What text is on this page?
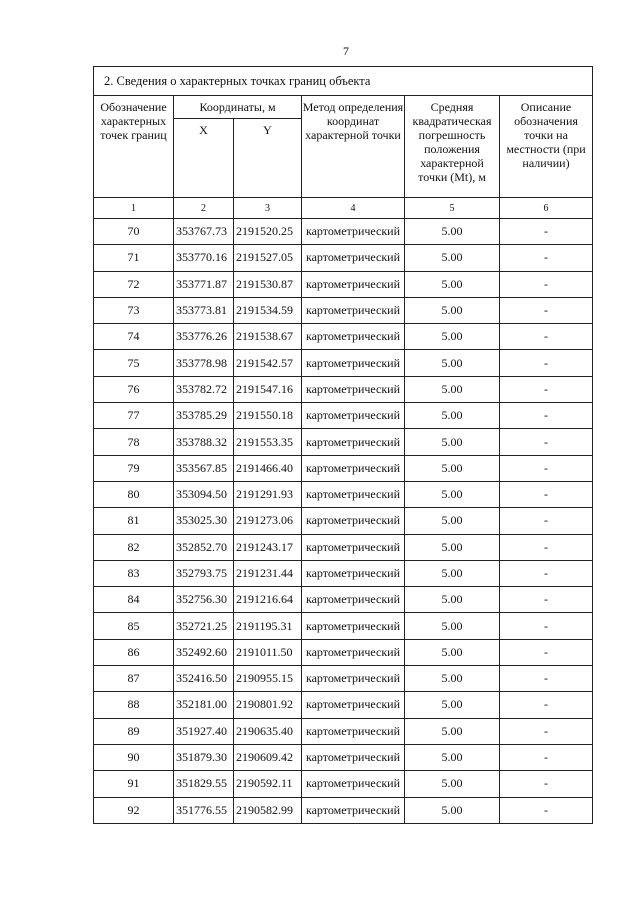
7
2. Сведения о характерных точках границ объекта					
Обозначение характерных точек границ	Координаты, м		Метод определения координат характерной точки	Средняя квадратическая погрешность положения характерной точки (Mt), м	Описание обозначения точки на местности (при наличии)
	X	Y			
1	2	3	4	5	6
70	353767.73	2191520.25	картометрический	5.00	-
71	353770.16	2191527.05	картометрический	5.00	-
72	353771.87	2191530.87	картометрический	5.00	-
73	353773.81	2191534.59	картометрический	5.00	-
74	353776.26	2191538.67	картометрический	5.00	-
75	353778.98	2191542.57	картометрический	5.00	-
76	353782.72	2191547.16	картометрический	5.00	-
77	353785.29	2191550.18	картометрический	5.00	-
78	353788.32	2191553.35	картометрический	5.00	-
79	353567.85	2191466.40	картометрический	5.00	-
80	353094.50	2191291.93	картометрический	5.00	-
81	353025.30	2191273.06	картометрический	5.00	-
82	352852.70	2191243.17	картометрический	5.00	-
83	352793.75	2191231.44	картометрический	5.00	-
84	352756.30	2191216.64	картометрический	5.00	-
85	352721.25	2191195.31	картометрический	5.00	-
86	352492.60	2191011.50	картометрический	5.00	-
87	352416.50	2190955.15	картометрический	5.00	-
88	352181.00	2190801.92	картометрический	5.00	-
89	351927.40	2190635.40	картометрический	5.00	-
90	351879.30	2190609.42	картометрический	5.00	-
91	351829.55	2190592.11	картометрический	5.00	-
92	351776.55	2190582.99	картометрический	5.00	-
